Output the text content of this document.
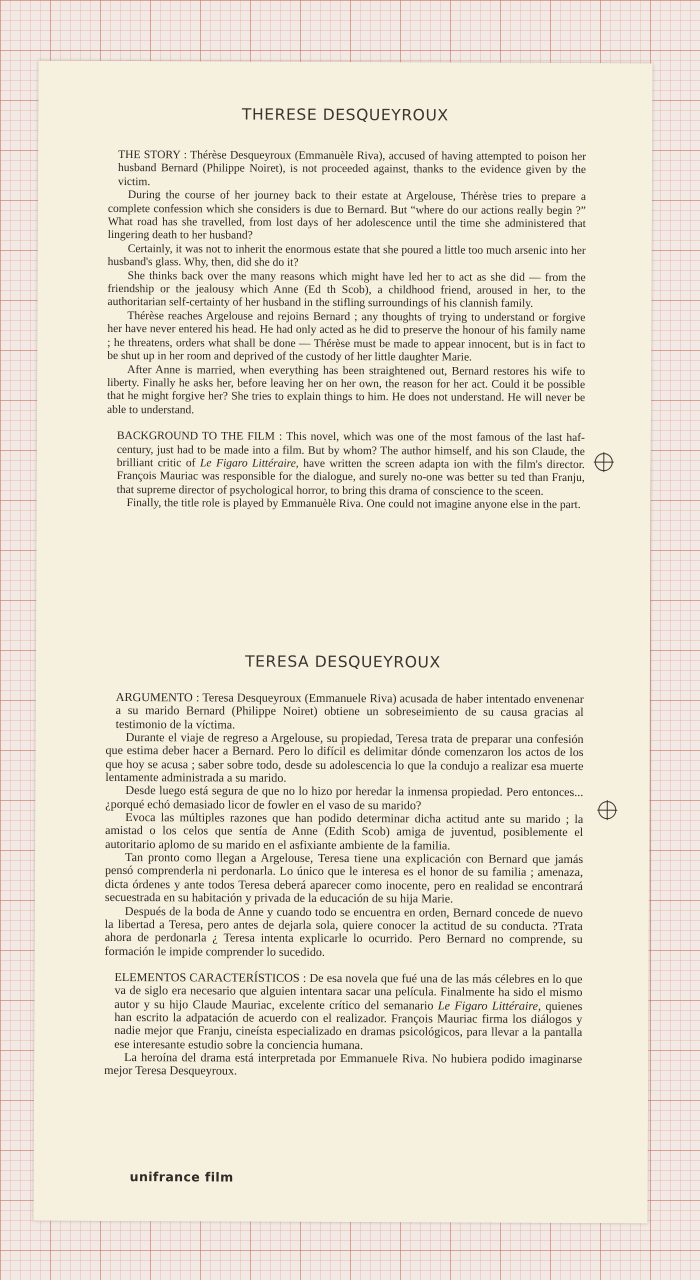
THERESE DESQUEYROUX

THE STORY : Thérèse Desqueyroux (Emmanuèle Riva), accused of having attempted to poison her husband Bernard (Philippe Noiret), is not proceeded against, thanks to the evidence given by the victim.

During the course of her journey back to their estate at Argelouse, Thérèse tries to prepare a complete confession which she considers is due to Bernard. But “where do our actions really begin ?” What road has she travelled, from lost days of her adolescence until the time she administered that lingering death to her husband?

Certainly, it was not to inherit the enormous estate that she poured a little too much arsenic into her husband's glass. Why, then, did she do it?

She thinks back over the many reasons which might have led her to act as she did — from the friendship or the jealousy which Anne (Ed th Scob), a childhood friend, aroused in her, to the authoritarian self-certainty of her husband in the stifling surroundings of his clannish family.

Thérèse reaches Argelouse and rejoins Bernard ; any thoughts of trying to understand or forgive her have never entered his head. He had only acted as he did to preserve the honour of his family name ; he threatens, orders what shall be done — Thérèse must be made to appear innocent, but is in fact to be shut up in her room and deprived of the custody of her little daughter Marie.

After Anne is married, when everything has been straightened out, Bernard restores his wife to liberty. Finally he asks her, before leaving her on her own, the reason for her act. Could it be possible that he might forgive her? She tries to explain things to him. He does not understand. He will never be able to understand.

BACKGROUND TO THE FILM : This novel, which was one of the most famous of the last haf-century, just had to be made into a film. But by whom? The author himself, and his son Claude, the brilliant critic of Le Figaro Littéraire, have written the screen adapta ion with the film's director. François Mauriac was responsible for the dialogue, and surely no-one was better su ted than Franju, that supreme director of psychological horror, to bring this drama of conscience to the sceen.

Finally, the title role is played by Emmanuèle Riva. One could not imagine anyone else in the part.

TERESA DESQUEYROUX

ARGUMENTO : Teresa Desqueyroux (Emmanuele Riva) acusada de haber intentado envenenar a su marido Bernard (Philippe Noiret) obtiene un sobreseimiento de su causa gracias al testimonio de la víctima.

Durante el viaje de regreso a Argelouse, su propiedad, Teresa trata de preparar una confesión que estima deber hacer a Bernard. Pero lo difícil es delimitar dónde comenzaron los actos de los que hoy se acusa ; saber sobre todo, desde su adolescencia lo que la condujo a realizar esa muerte lentamente administrada a su marido.

Desde luego está segura de que no lo hizo por heredar la inmensa propiedad. Pero entonces... ¿porqué echó demasiado licor de fowler en el vaso de su marido?

Evoca las múltiples razones que han podido determinar dicha actitud ante su marido ; la amistad o los celos que sentía de Anne (Edith Scob) amiga de juventud, posiblemente el autoritario aplomo de su marido en el asfixiante ambiente de la familia.

Tan pronto como llegan a Argelouse, Teresa tiene una explicación con Bernard que jamás pensó comprenderla ni perdonarla. Lo único que le interesa es el honor de su familia ; amenaza, dicta órdenes y ante todos Teresa deberá aparecer como inocente, pero en realidad se encontrará secuestrada en su habitación y privada de la educación de su hija Marie.

Después de la boda de Anne y cuando todo se encuentra en orden, Bernard concede de nuevo la libertad a Teresa, pero antes de dejarla sola, quiere conocer la actitud de su conducta. ?Trata ahora de perdonarla ¿ Teresa intenta explicarle lo ocurrido. Pero Bernard no comprende, su formación le impide comprender lo sucedido.

ELEMENTOS CARACTERÍSTICOS : De esa novela que fué una de las más célebres en lo que va de siglo era necesario que alguien intentara sacar una película. Finalmente ha sido el mismo autor y su hijo Claude Mauriac, excelente crítico del semanario Le Figaro Littéraire, quienes han escrito la adpatación de acuerdo con el realizador. François Mauriac firma los diálogos y nadie mejor que Franju, cineísta especializado en dramas psicológicos, para llevar a la pantalla ese interesante estudio sobre la conciencia humana.

La heroína del drama está interpretada por Emmanuele Riva. No hubiera podido imaginarse mejor Teresa Desqueyroux.

unifrance film
